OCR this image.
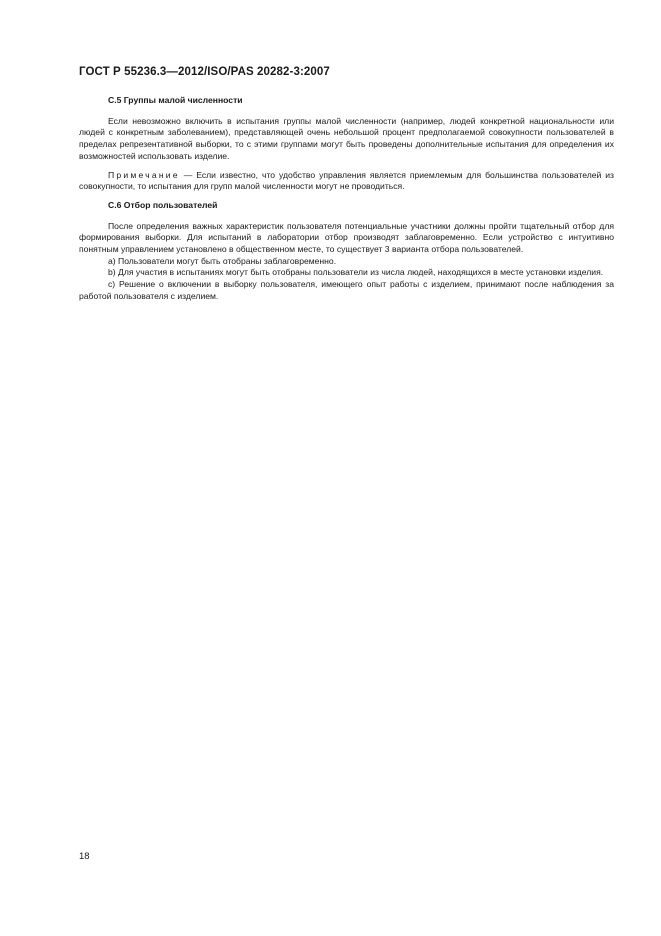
ГОСТ Р 55236.3—2012/ISO/PAS 20282-3:2007

С.5 Группы малой численности

Если невозможно включить в испытания группы малой численности (например, людей конкретной национальности или людей с конкретным заболеванием), представляющей очень небольшой процент предполагаемой совокупности пользователей в пределах репрезентативной выборки, то с этими группами могут быть проведены дополнительные испытания для определения их возможностей использовать изделие.

Примечание — Если известно, что удобство управления является приемлемым для большинства пользователей из совокупности, то испытания для групп малой численности могут не проводиться.

С.6 Отбор пользователей

После определения важных характеристик пользователя потенциальные участники должны пройти тщательный отбор для формирования выборки. Для испытаний в лаборатории отбор производят заблаговременно. Если устройство с интуитивно понятным управлением установлено в общественном месте, то существует 3 варианта отбора пользователей.

a) Пользователи могут быть отобраны заблаговременно.

b) Для участия в испытаниях могут быть отобраны пользователи из числа людей, находящихся в месте установки изделия.

c) Решение о включении в выборку пользователя, имеющего опыт работы с изделием, принимают после наблюдения за работой пользователя с изделием.

18
